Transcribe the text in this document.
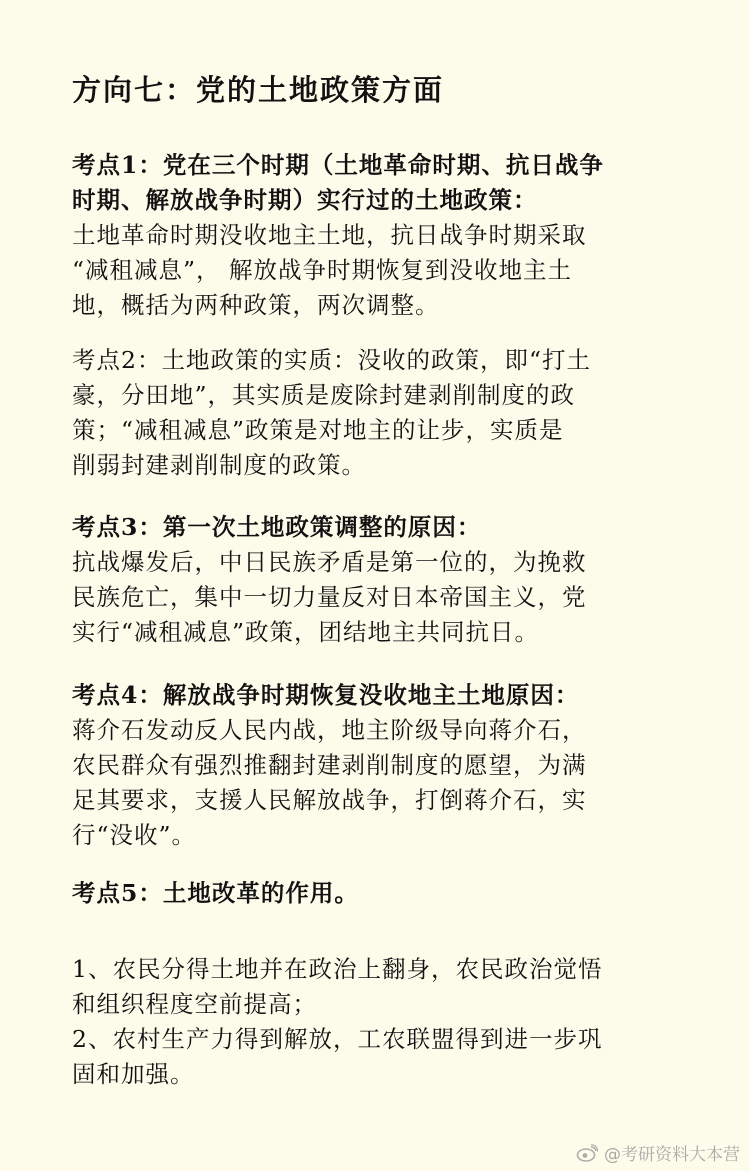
方向七：党的土地政策方面
考点1：党在三个时期（土地革命时期、抗日战争
时期、解放战争时期）实行过的土地政策：
土地革命时期没收地主土地，抗日战争时期采取
“减租减息”， 解放战争时期恢复到没收地主土
地，概括为两种政策，两次调整。
考点2：土地政策的实质：没收的政策，即“打土
豪，分田地”，其实质是废除封建剥削制度的政
策；“减租减息”政策是对地主的让步，实质是
削弱封建剥削制度的政策。
考点3：第一次土地政策调整的原因：
抗战爆发后，中日民族矛盾是第一位的，为挽救
民族危亡，集中一切力量反对日本帝国主义，党
实行“减租减息”政策，团结地主共同抗日。
考点4：解放战争时期恢复没收地主土地原因：
蒋介石发动反人民内战，地主阶级导向蒋介石，
农民群众有强烈推翻封建剥削制度的愿望，为满
足其要求，支援人民解放战争，打倒蒋介石，实
行“没收”。
考点5：土地改革的作用。
1、农民分得土地并在政治上翻身，农民政治觉悟
和组织程度空前提高；
2、农村生产力得到解放，工农联盟得到进一步巩
固和加强。
@考研资料大本营
